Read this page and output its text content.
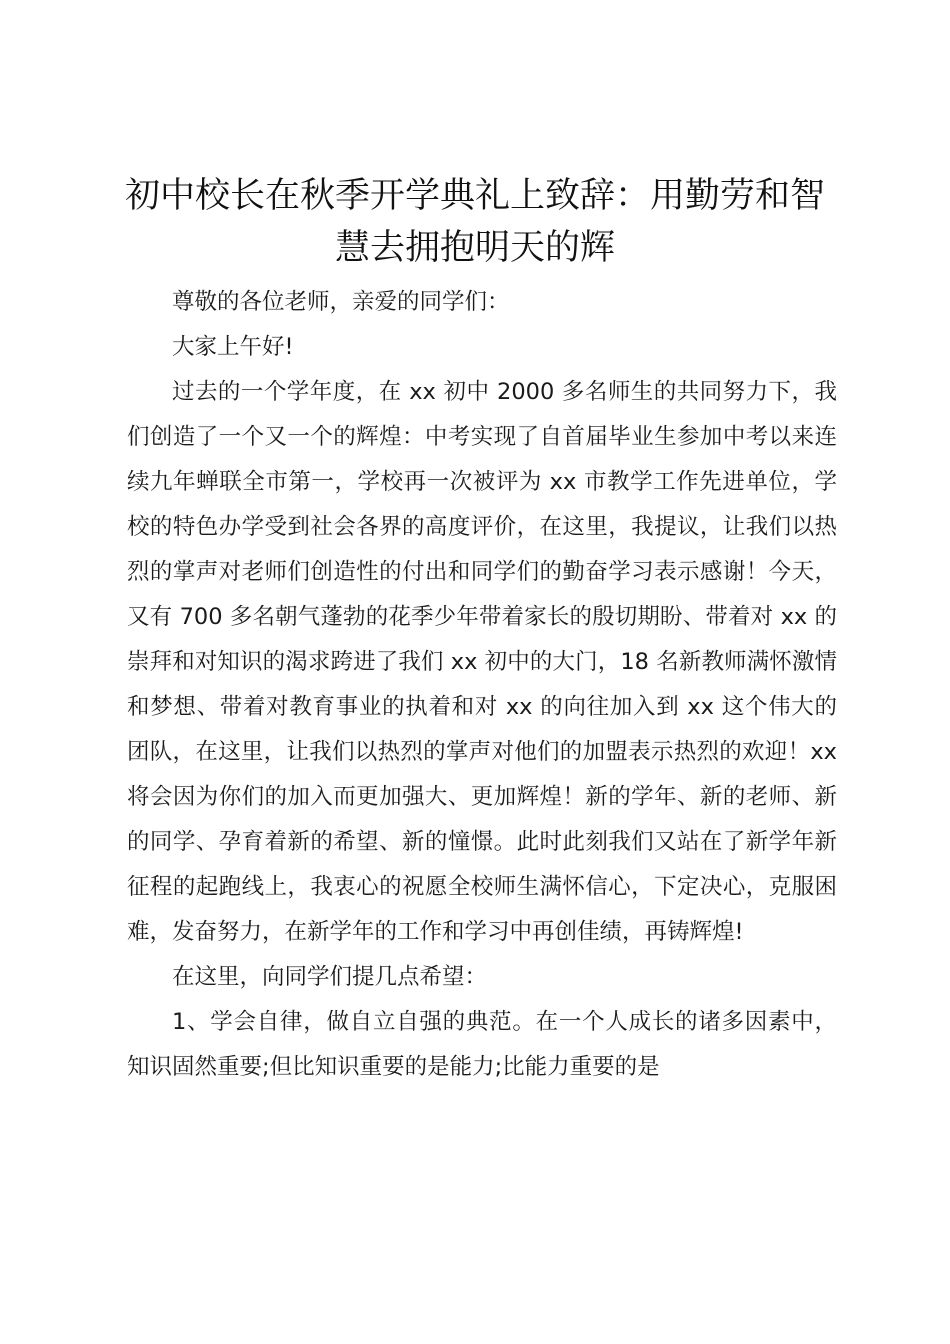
初中校长在秋季开学典礼上致辞：用勤劳和智慧去拥抱明天的辉

尊敬的各位老师，亲爱的同学们：

大家上午好!

过去的一个学年度，在 xx 初中 2000 多名师生的共同努力下，我们创造了一个又一个的辉煌：中考实现了自首届毕业生参加中考以来连续九年蝉联全市第一，学校再一次被评为 xx 市教学工作先进单位，学校的特色办学受到社会各界的高度评价，在这里，我提议，让我们以热烈的掌声对老师们创造性的付出和同学们的勤奋学习表示感谢！今天，又有 700 多名朝气蓬勃的花季少年带着家长的殷切期盼、带着对 xx 的崇拜和对知识的渴求跨进了我们 xx 初中的大门，18 名新教师满怀激情和梦想、带着对教育事业的执着和对 xx 的向往加入到 xx 这个伟大的团队，在这里，让我们以热烈的掌声对他们的加盟表示热烈的欢迎！xx 将会因为你们的加入而更加强大、更加辉煌！新的学年、新的老师、新的同学、孕育着新的希望、新的憧憬。此时此刻我们又站在了新学年新征程的起跑线上，我衷心的祝愿全校师生满怀信心，下定决心，克服困难，发奋努力，在新学年的工作和学习中再创佳绩，再铸辉煌!

在这里，向同学们提几点希望：

1、学会自律，做自立自强的典范。在一个人成长的诸多因素中，知识固然重要;但比知识重要的是能力;比能力重要的是
